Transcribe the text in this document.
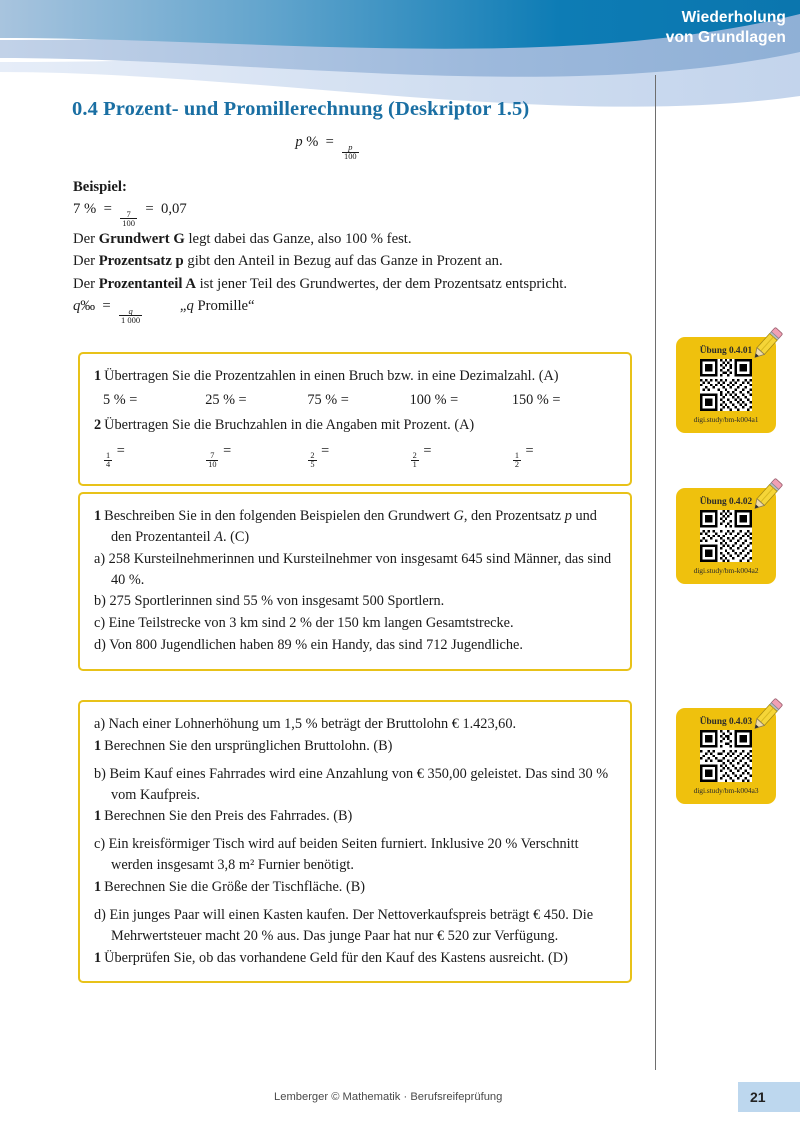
Wiederholung
von Grundlagen
0.4 Prozent- und Promillerechnung (Deskriptor 1.5)
p % =
$\frac{p}{100}$
Beispiel:
7 % =
$\frac{7}{100}$
= 0,07
Der Grundwert G legt dabei das Ganze, also 100 % fest.
Der Prozentsatz p gibt den Anteil in Bezug auf das Ganze in Prozent an.
Der Prozentanteil A ist jener Teil des Grundwertes, der dem Prozentsatz entspricht.
q‰ =
$\frac{q}{1 000}$
„q Promille“
1 Übertragen Sie die Prozentzahlen in einen Bruch bzw. in eine Dezimalzahl. (A)
5 % =	25 % =	75 % =	100 % =	150 % =
2 Übertragen Sie die Bruchzahlen in die Angaben mit Prozent. (A)
$\frac{1}{4}$
=
$\frac{7}{10}$
=
$\frac{2}{5}$
=
$\frac{2}{1}$
=
$\frac{1}{2}$
=
1 Beschreiben Sie in den folgenden Beispielen den Grundwert G, den Prozentsatz p und den Prozentanteil A. (C)
a) 258 Kursteilnehmerinnen und Kursteilnehmer von insgesamt 645 sind Männer, das sind 40 %.
b) 275 Sportlerinnen sind 55 % von insgesamt 500 Sportlern.
c) Eine Teilstrecke von 3 km sind 2 % der 150 km langen Gesamtstrecke.
d) Von 800 Jugendlichen haben 89 % ein Handy, das sind 712 Jugendliche.
a) Nach einer Lohnerhöhung um 1,5 % beträgt der Bruttolohn € 1.423,60.
1 Berechnen Sie den ursprünglichen Bruttolohn. (B)
b) Beim Kauf eines Fahrrades wird eine Anzahlung von € 350,00 geleistet. Das sind 30 % vom Kaufpreis.
1 Berechnen Sie den Preis des Fahrrades. (B)
c) Ein kreisförmiger Tisch wird auf beiden Seiten furniert. Inklusive 20 % Verschnitt werden insgesamt 3,8 m² Furnier benötigt.
1 Berechnen Sie die Größe der Tischfläche. (B)
d) Ein junges Paar will einen Kasten kaufen. Der Nettoverkaufspreis beträgt € 450. Die Mehrwertsteuer macht 20 % aus. Das junge Paar hat nur € 520 zur Verfügung.
1 Überprüfen Sie, ob das vorhandene Geld für den Kauf des Kastens ausreicht. (D)
Übung 0.4.01
digi.study/bm-k004a1
Übung 0.4.02
digi.study/bm-k004a2
Übung 0.4.03
digi.study/bm-k004a3
Lemberger © Mathematik · Berufsreifeprüfung	21
